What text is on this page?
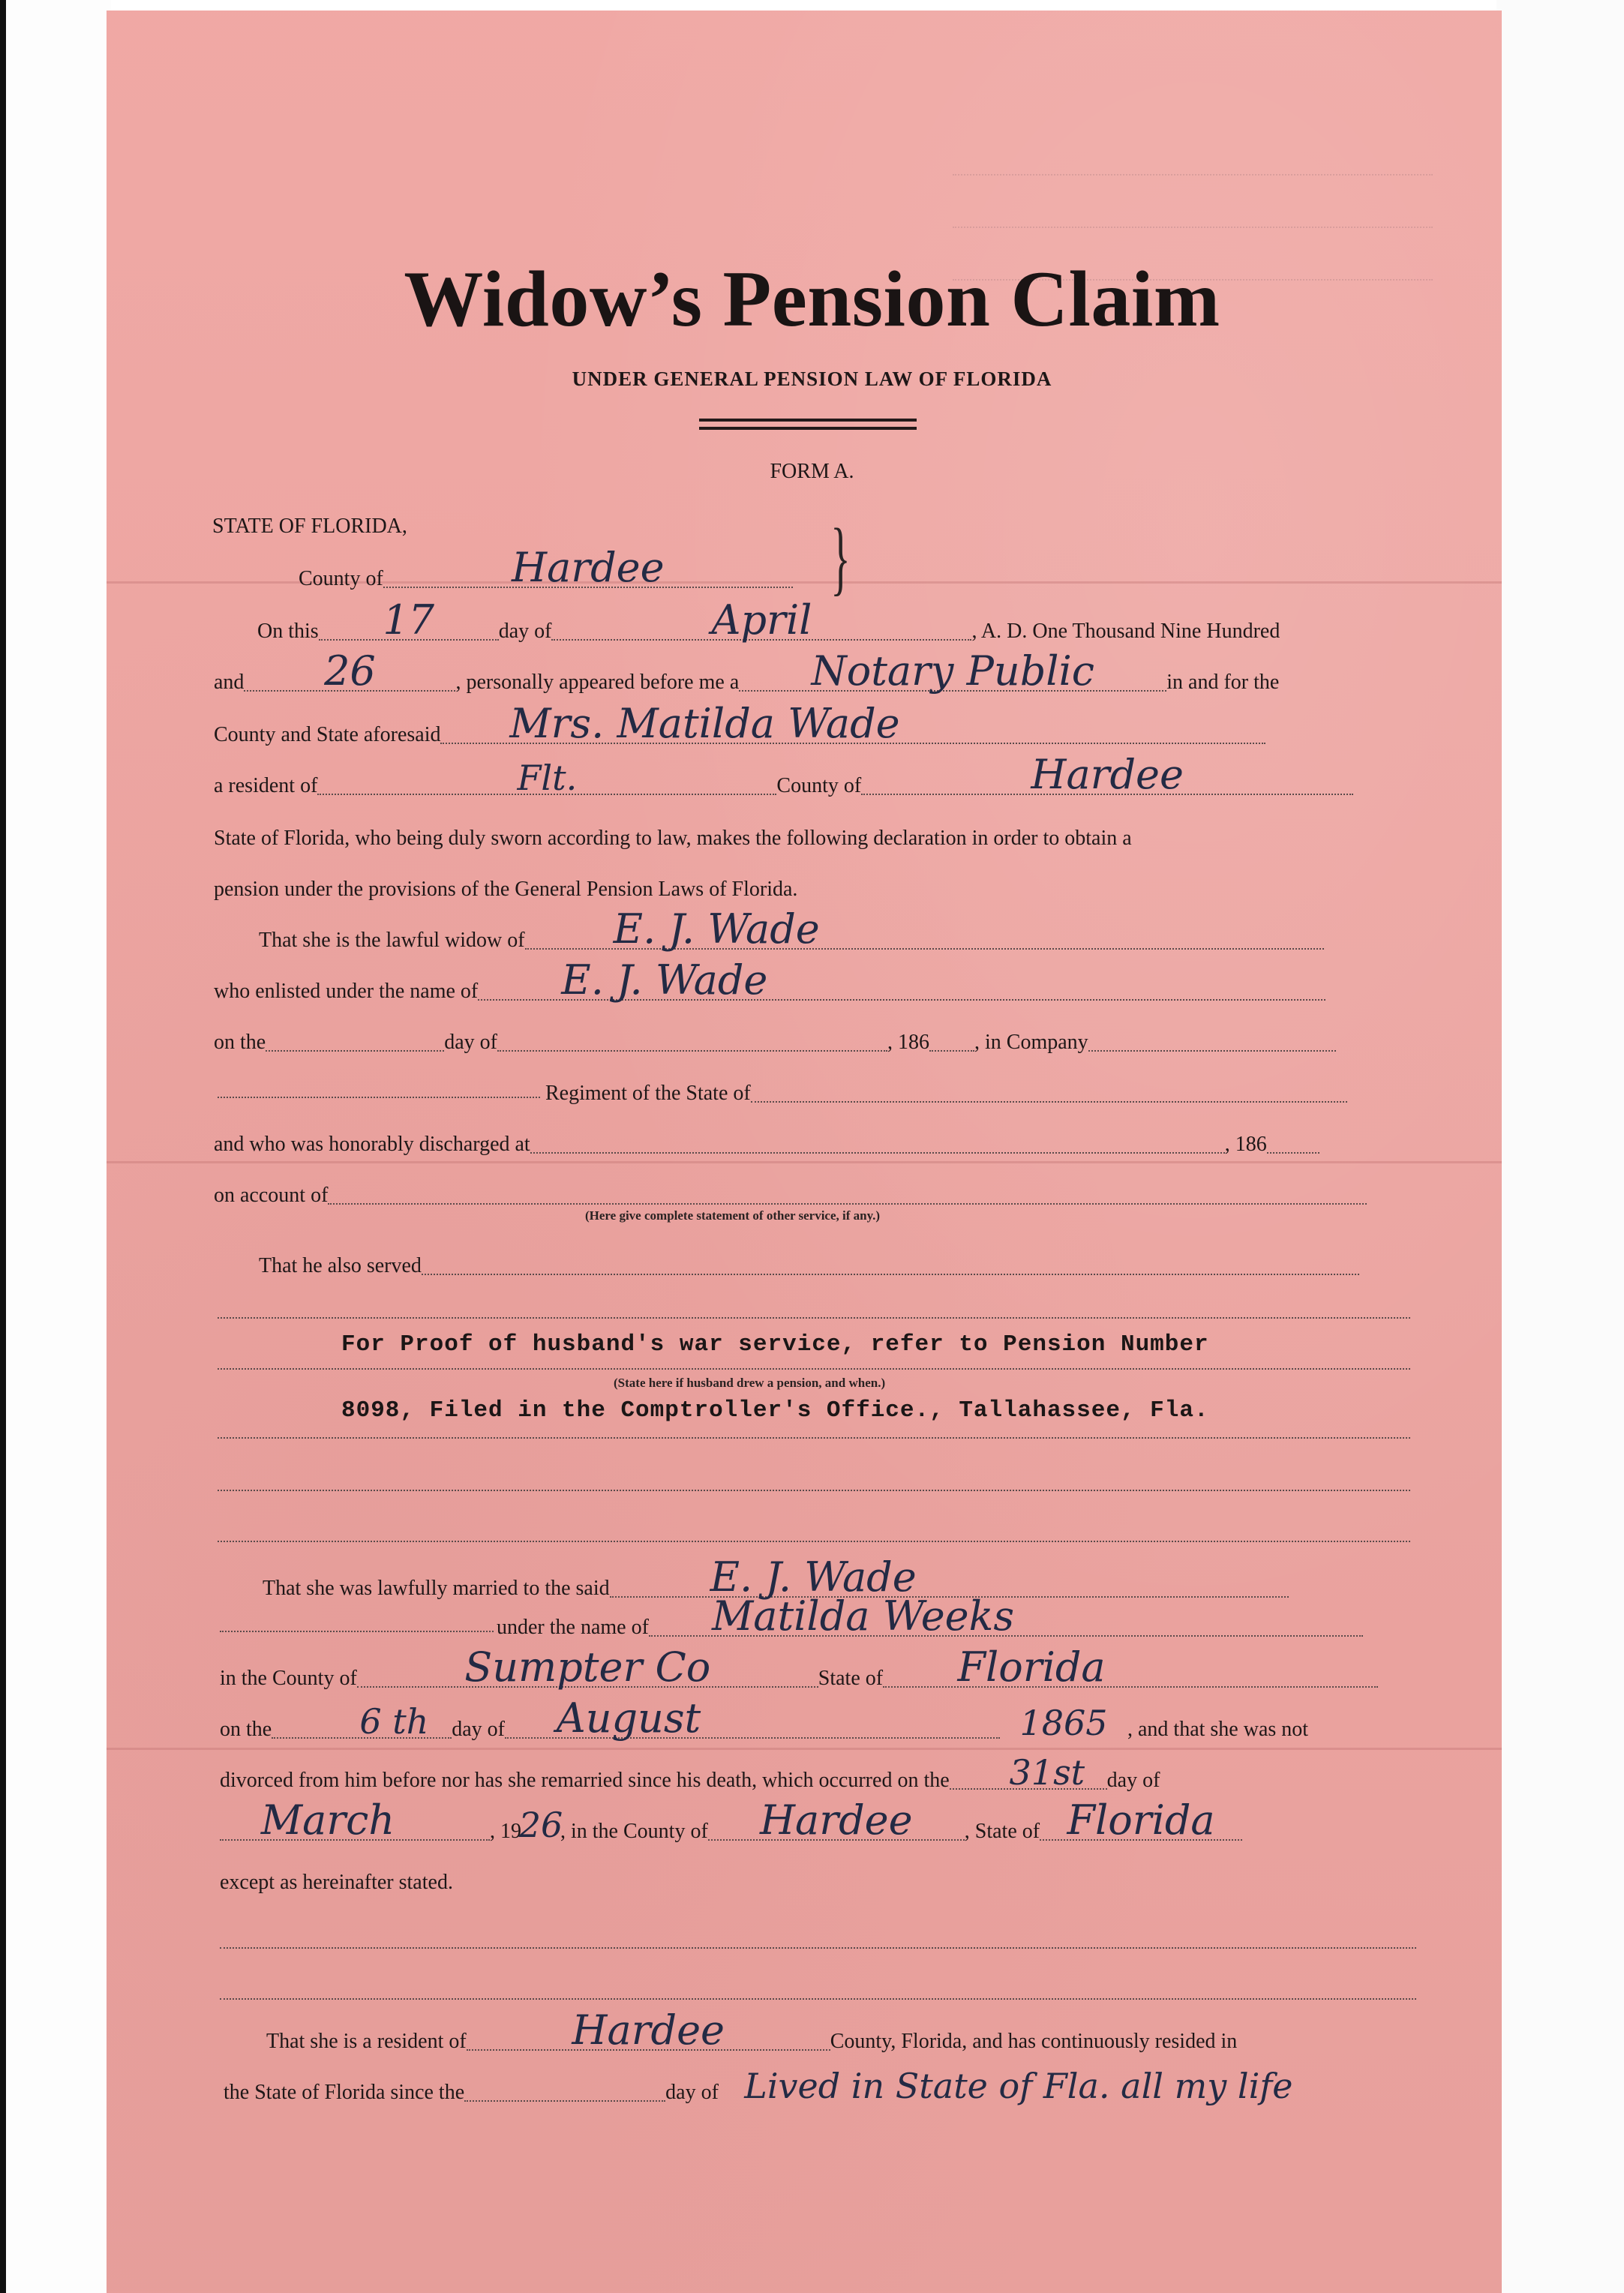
Widow’s Pension Claim
UNDER GENERAL PENSION LAW OF FLORIDA
FORM A.
STATE OF FLORIDA,
County of	Hardee }
On this 17	day of	April	, A. D. One Thousand Nine Hundred
and 26	, personally appeared before me a Notary Public	in and for the
County and State aforesaid Mrs. Matilda Wade
a resident of	Flt.	County of	Hardee
State of Florida, who being duly sworn according to law, makes the following declaration in order to obtain a
pension under the provisions of the General Pension Laws of Florida.
That she is the lawful widow of E. J. Wade
who enlisted under the name of E. J. Wade
on the	day of	, 186 , in Company
Regiment of the State of
and who was honorably discharged at	, 186
on account of
(Here give complete statement of other service, if any.)
That he also served
For Proof of husband's war service, refer to Pension Number
(State here if husband drew a pension, and when.)
8098, Filed in the Comptroller's Office., Tallahassee, Fla.
That she was lawfully married to the said E. J. Wade
under the name of Matilda Weeks
in the County of	Sumpter Co	State of Florida
on the	6 th day of August	1865 , and that she was not
divorced from him before nor has she remarried since his death, which occurred on the 31st day of
March	, 19
26
, in the County of Hardee , State of Florida
except as hereinafter stated.
That she is a resident of	Hardee	County, Florida, and has continuously resided in
the State of Florida since the	day of Lived in State of Fla. all my life
